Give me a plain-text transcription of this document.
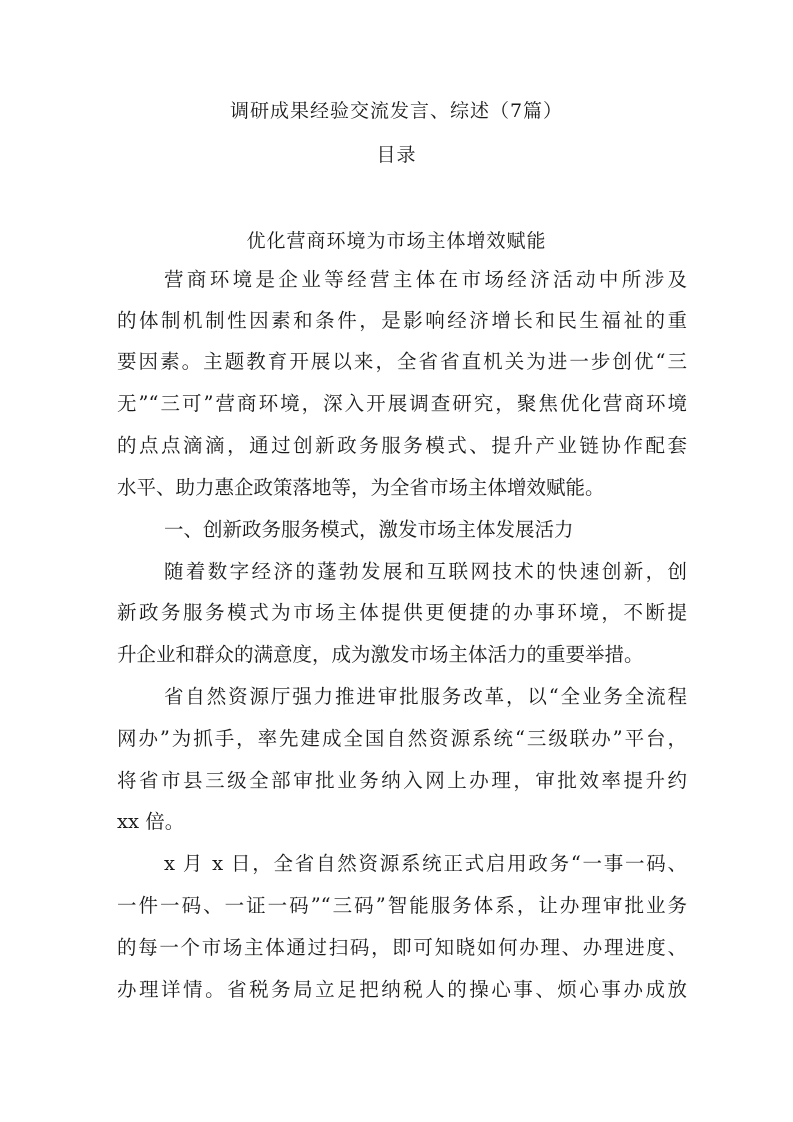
调研成果经验交流发言、综述（7篇）
目录
优化营商环境为市场主体增效赋能
营商环境是企业等经营主体在市场经济活动中所涉及
的体制机制性因素和条件，是影响经济增长和民生福祉的重
要因素。主题教育开展以来，全省省直机关为进一步创优“三
无”“三可”营商环境，深入开展调查研究，聚焦优化营商环境
的点点滴滴，通过创新政务服务模式、提升产业链协作配套
水平、助力惠企政策落地等，为全省市场主体增效赋能。
一、创新政务服务模式，激发市场主体发展活力
随着数字经济的蓬勃发展和互联网技术的快速创新，创
新政务服务模式为市场主体提供更便捷的办事环境，不断提
升企业和群众的满意度，成为激发市场主体活力的重要举措。
省自然资源厅强力推进审批服务改革，以“全业务全流程
网办”为抓手，率先建成全国自然资源系统“三级联办”平台，
将省市县三级全部审批业务纳入网上办理，审批效率提升约
xx 倍。
x 月 x 日，全省自然资源系统正式启用政务“一事一码、
一件一码、一证一码”“三码”智能服务体系，让办理审批业务
的每一个市场主体通过扫码，即可知晓如何办理、办理进度、
办理详情。省税务局立足把纳税人的操心事、烦心事办成放
